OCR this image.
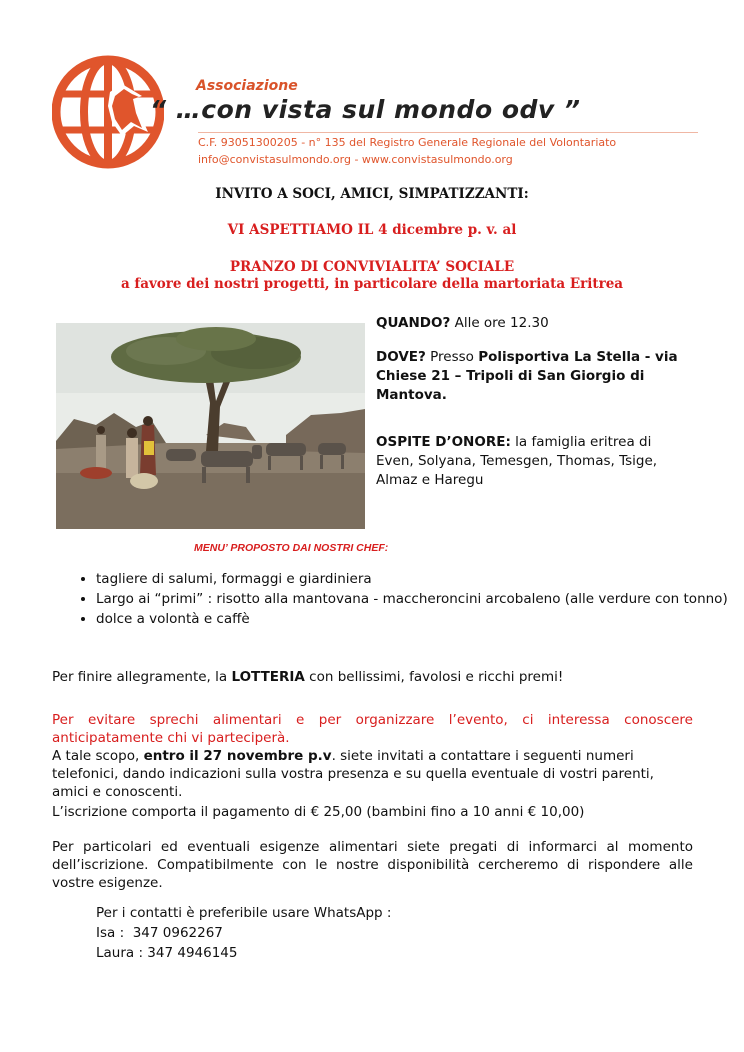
Associazione
“ …con vista sul mondo odv ”
C.F. 93051300205 - n° 135 del Registro Generale Regionale del Volontariato
info@convistasulmondo.org - www.convistasulmondo.org
INVITO A SOCI, AMICI, SIMPATIZZANTI:
VI ASPETTIAMO IL 4 dicembre p. v. al
PRANZO DI CONVIVIALITA’ SOCIALE
a favore dei nostri progetti, in particolare della martoriata Eritrea
QUANDO? Alle ore 12.30
DOVE? Presso Polisportiva La Stella - via Chiese 21 – Tripoli di San Giorgio di Mantova.
OSPITE D’ONORE: la famiglia eritrea di Even, Solyana, Temesgen, Thomas, Tsige, Almaz e Haregu
MENU’ PROPOSTO DAI NOSTRI CHEF:
• tagliere di salumi, formaggi e giardiniera
• Largo ai “primi” : risotto alla mantovana - maccheroncini arcobaleno (alle verdure con tonno)
• dolce a volontà e caffè
Per finire allegramente, la LOTTERIA con bellissimi, favolosi e ricchi premi!
Per evitare sprechi alimentari e per organizzare l’evento, ci interessa conoscere anticipatamente chi vi parteciperà.
A tale scopo, entro il 27 novembre p.v. siete invitati a contattare i seguenti numeri telefonici, dando indicazioni sulla vostra presenza e su quella eventuale di vostri parenti, amici e conoscenti.
L’iscrizione comporta il pagamento di € 25,00 (bambini fino a 10 anni € 10,00)
Per particolari ed eventuali esigenze alimentari siete pregati di informarci al momento dell’iscrizione. Compatibilmente con le nostre disponibilità cercheremo di rispondere alle vostre esigenze.
Per i contatti è preferibile usare WhatsApp :
Isa :  347 0962267
Laura : 347 4946145
